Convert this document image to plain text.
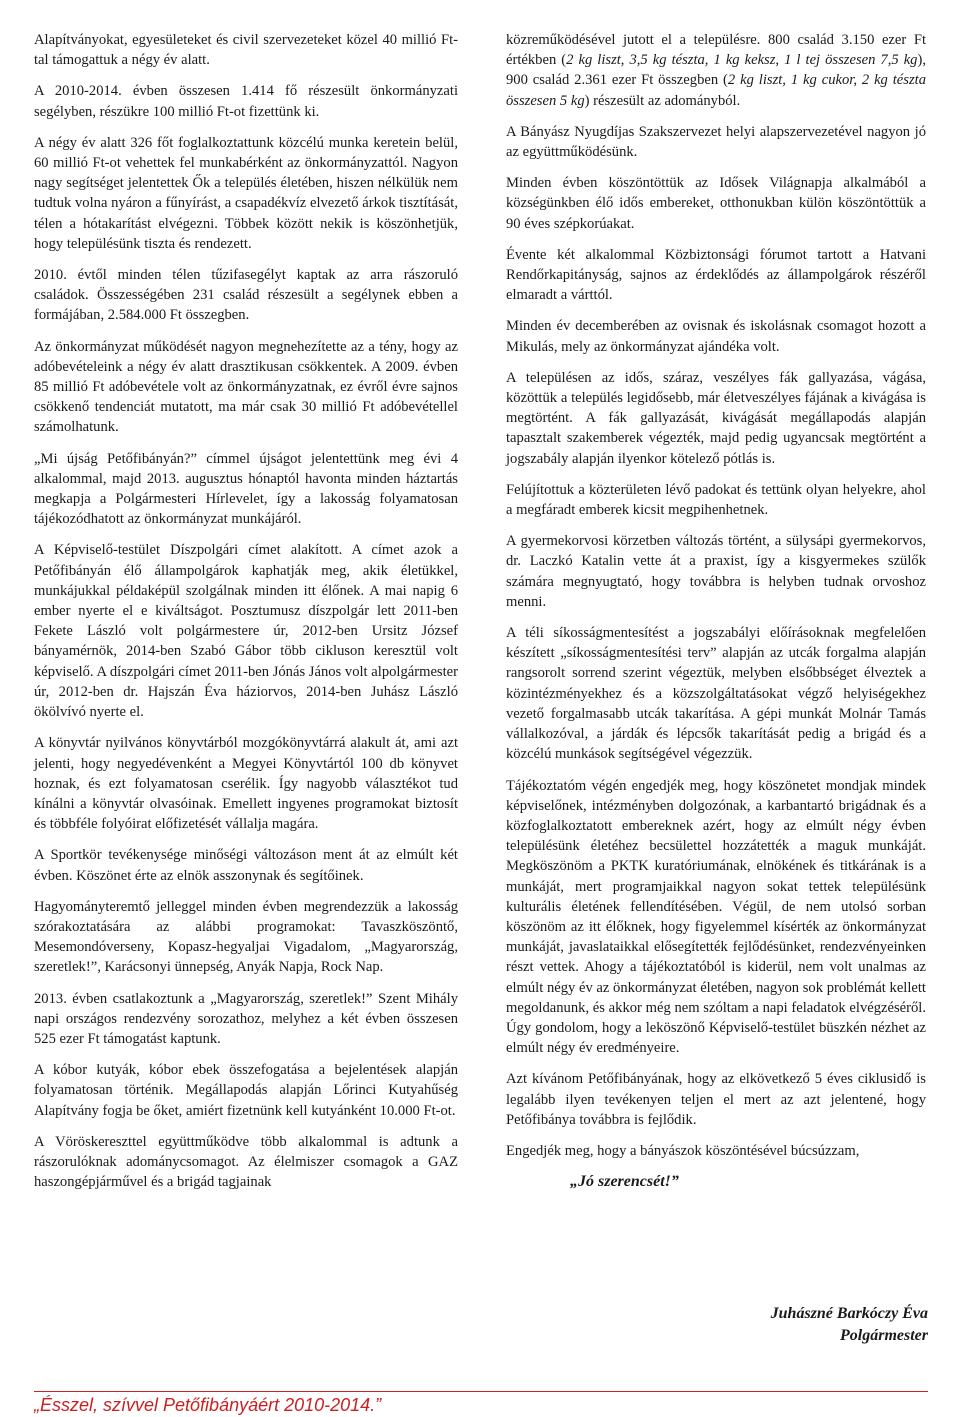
Alapítványokat, egyesületeket és civil szervezeteket közel 40 millió Ft-tal támogattuk a négy év alatt.

A 2010-2014. évben összesen 1.414 fő részesült önkormányzati segélyben, részükre 100 millió Ft-ot fizettünk ki.

A négy év alatt 326 főt foglalkoztattunk közcélú munka keretein belül, 60 millió Ft-ot vehettek fel munkabérként az önkormányzattól. Nagyon nagy segítséget jelentettek Ők a település életében, hiszen nélkülük nem tudtuk volna nyáron a fűnyírást, a csapadékvíz elvezető árkok tisztítását, télen a hótakarítást elvégezni. Többek között nekik is köszönhetjük, hogy településünk tiszta és rendezett.

2010. évtől minden télen tűzifasegélyt kaptak az arra rászoruló családok. Összességében 231 család részesült a segélynek ebben a formájában, 2.584.000 Ft összegben.

Az önkormányzat működését nagyon megnehezítette az a tény, hogy az adóbevételeink a négy év alatt drasztikusan csökkentek. A 2009. évben 85 millió Ft adóbevétele volt az önkormányzatnak, ez évről évre sajnos csökkenő tendenciát mutatott, ma már csak 30 millió Ft adóbevétellel számolhatunk.

„Mi újság Petőfibányán?” címmel újságot jelentettünk meg évi 4 alkalommal, majd 2013. augusztus hónaptól havonta minden háztartás megkapja a Polgármesteri Hírlevelet, így a lakosság folyamatosan tájékozódhatott az önkormányzat munkájáról.

A Képviselő-testület Díszpolgári címet alakított. A címet azok a Petőfibányán élő állampolgárok kaphatják meg, akik életükkel, munkájukkal példaképül szolgálnak minden itt élőnek. A mai napig 6 ember nyerte el e kiváltságot. Posztumusz díszpolgár lett 2011-ben Fekete László volt polgármestere úr, 2012-ben Ursitz József bányamérnök, 2014-ben Szabó Gábor több cikluson keresztül volt képviselő. A díszpolgári címet 2011-ben Jónás János volt alpolgármester úr, 2012-ben dr. Hajszán Éva háziorvos, 2014-ben Juhász László ökölvívó nyerte el.

A könyvtár nyilvános könyvtárból mozgókönyvtárrá alakult át, ami azt jelenti, hogy negyedévenként a Megyei Könyvtártól 100 db könyvet hoznak, és ezt folyamatosan cserélik. Így nagyobb választékot tud kínálni a könyvtár olvasóinak. Emellett ingyenes programokat biztosít és többféle folyóirat előfizetését vállalja magára.

A Sportkör tevékenysége minőségi változáson ment át az elmúlt két évben. Köszönet érte az elnök asszonynak és segítőinek.

Hagyományteremtő jelleggel minden évben megrendezzük a lakosság szórakoztatására az alábbi programokat: Tavaszköszöntő, Mesemondóverseny, Kopasz-hegyaljai Vigadalom, „Magyarország, szeretlek!”, Karácsonyi ünnepség, Anyák Napja, Rock Nap.

2013. évben csatlakoztunk a „Magyarország, szeretlek!” Szent Mihály napi országos rendezvény sorozathoz, melyhez a két évben összesen 525 ezer Ft támogatást kaptunk.

A kóbor kutyák, kóbor ebek összefogatása a bejelentések alapján folyamatosan történik. Megállapodás alapján Lőrinci Kutyahűség Alapítvány fogja be őket, amiért fizetnünk kell kutyánként 10.000 Ft-ot.

A Vöröskereszttel együttműködve több alkalommal is adtunk a rászorulóknak adománycsomagot. Az élelmiszer csomagok a GAZ haszongépjárművel és a brigád tagjainak

közreműködésével jutott el a településre. 800 család 3.150 ezer Ft értékben (2 kg liszt, 3,5 kg tészta, 1 kg keksz, 1 l tej összesen 7,5 kg), 900 család 2.361 ezer Ft összegben (2 kg liszt, 1 kg cukor, 2 kg tészta összesen 5 kg) részesült az adományból.

A Bányász Nyugdíjas Szakszervezet helyi alapszervezetével nagyon jó az együttműködésünk.

Minden évben köszöntöttük az Idősek Világnapja alkalmából a községünkben élő idős embereket, otthonukban külön köszöntöttük a 90 éves szépkorúakat.

Évente két alkalommal Közbiztonsági fórumot tartott a Hatvani Rendőrkapitányság, sajnos az érdeklődés az állampolgárok részéről elmaradt a várttól.

Minden év decemberében az ovisnak és iskolásnak csomagot hozott a Mikulás, mely az önkormányzat ajándéka volt.

A településen az idős, száraz, veszélyes fák gallyazása, vágása, közöttük a település legidősebb, már életveszélyes fájának a kivágása is megtörtént. A fák gallyazását, kivágását megállapodás alapján tapasztalt szakemberek végezték, majd pedig ugyancsak megtörtént a jogszabály alapján ilyenkor kötelező pótlás is.

Felújítottuk a közterületen lévő padokat és tettünk olyan helyekre, ahol a megfáradt emberek kicsit megpihenhetnek.

A gyermekorvosi körzetben változás történt, a sülysápi gyermekorvos, dr. Laczkó Katalin vette át a praxist, így a kisgyermekes szülők számára megnyugtató, hogy továbbra is helyben tudnak orvoshoz menni.

A téli síkosságmentesítést a jogszabályi előírásoknak megfelelően készített „síkosságmentesítési terv” alapján az utcák forgalma alapján rangsorolt sorrend szerint végeztük, melyben elsőbbséget élveztek a közintézményekhez és a közszolgáltatásokat végző helyiségekhez vezető forgalmasabb utcák takarítása. A gépi munkát Molnár Tamás vállalkozóval, a járdák és lépcsők takarítását pedig a brigád és a közcélú munkások segítségével végezzük.

Tájékoztatóm végén engedjék meg, hogy köszönetet mondjak mindek képviselőnek, intézményben dolgozónak, a karbantartó brigádnak és a közfoglalkoztatott embereknek azért, hogy az elmúlt négy évben településünk életéhez becsülettel hozzátették a maguk munkáját. Megköszönöm a PKTK kuratóriumának, elnökének és titkárának is a munkáját, mert programjaikkal nagyon sokat tettek településünk kulturális életének fellendítésében. Végül, de nem utolsó sorban köszönöm az itt élőknek, hogy figyelemmel kísérték az önkormányzat munkáját, javaslataikkal elősegítették fejlődésünket, rendezvényeinken részt vettek. Ahogy a tájékoztatóból is kiderül, nem volt unalmas az elmúlt négy év az önkormányzat életében, nagyon sok problémát kellett megoldanunk, és akkor még nem szóltam a napi feladatok elvégzéséről. Úgy gondolom, hogy a leköszönő Képviselő-testület büszkén nézhet az elmúlt négy év eredményeire.

Azt kívánom Petőfibányának, hogy az elkövetkező 5 éves ciklusidő is legalább ilyen tevékenyen teljen el mert az azt jelentené, hogy Petőfibánya továbbra is fejlődik.

Engedjék meg, hogy a bányászok köszöntésével búcsúzzam,

„Jó szerencsét!”
Juhászné Barkóczy Éva
Polgármester
„Ésszel, szívvel Petőfibányáért 2010-2014.”
